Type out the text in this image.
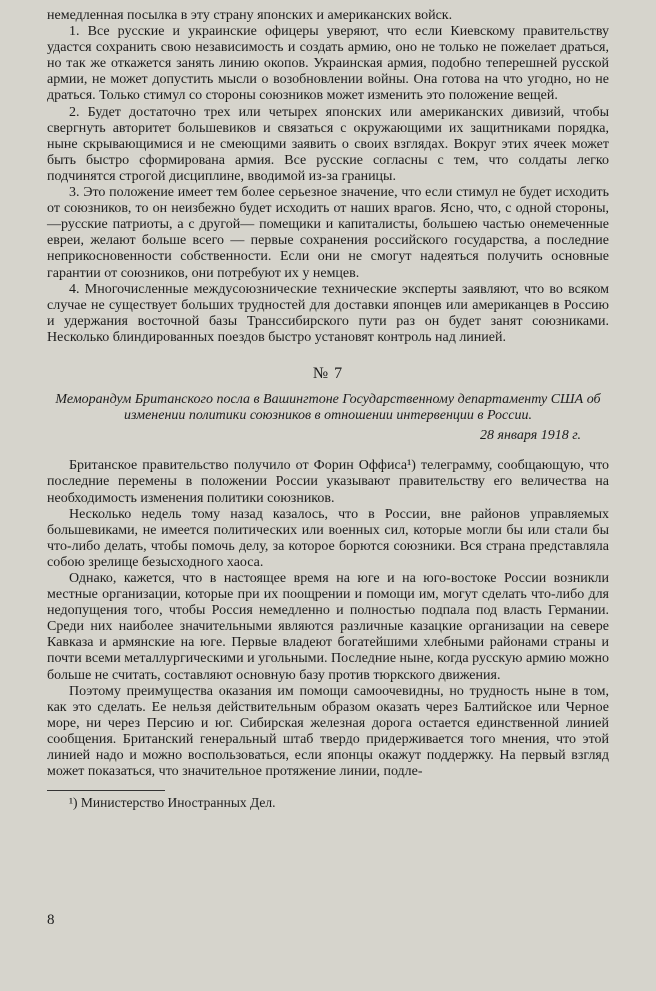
немедленная посылка в эту страну японских и американских войск.

1. Все русские и украинские офицеры уверяют, что если Киевскому правительству удастся сохранить свою независимость и создать армию, оно не только не пожелает драться, но так же откажется занять линию окопов. Украинская армия, подобно теперешней русской армии, не может допустить мысли о возобновлении войны. Она готова на что угодно, но не драться. Только стимул со стороны союзников может изменить это положение вещей.

2. Будет достаточно трех или четырех японских или американских дивизий, чтобы свергнуть авторитет большевиков и связаться с окружающими их защитниками порядка, ныне скрывающимися и не смеющими заявить о своих взглядах. Вокруг этих ячеек может быть быстро сформирована армия. Все русские согласны с тем, что солдаты легко подчинятся строгой дисциплине, вводимой из-за границы.

3. Это положение имеет тем более серьезное значение, что если стимул не будет исходить от союзников, то он неизбежно будет исходить от наших врагов. Ясно, что, с одной стороны,—русские патриоты, а с другой— помещики и капиталисты, большею частью онемеченные евреи, желают больше всего — первые сохранения российского государства, а последние неприкосновенности собственности. Если они не смогут надеяться получить основные гарантии от союзников, они потребуют их у немцев.

4. Многочисленные междусоюзнические технические эксперты заявляют, что во всяком случае не существует больших трудностей для доставки японцев или американцев в Россию и удержания восточной базы Транссибирского пути раз он будет занят союзниками. Несколько блиндированных поездов быстро установят контроль над линией.

№ 7

Меморандум Британского посла в Вашингтоне Государственному департаменту США об изменении политики союзников в отношении интервенции в России.

28 января 1918 г.

Британское правительство получило от Форин Оффиса¹) телеграмму, сообщающую, что последние перемены в положении России указывают правительству его величества на необходимость изменения политики союзников.

Несколько недель тому назад казалось, что в России, вне районов управляемых большевиками, не имеется политических или военных сил, которые могли бы или стали бы что-либо делать, чтобы помочь делу, за которое борются союзники. Вся страна представляла собою зрелище безысходного хаоса.

Однако, кажется, что в настоящее время на юге и на юго-востоке России возникли местные организации, которые при их поощрении и помощи им, могут сделать что-либо для недопущения того, чтобы Россия немедленно и полностью подпала под власть Германии. Среди них наиболее значительными являются различные казацкие организации на севере Кавказа и армянские на юге. Первые владеют богатейшими хлебными районами страны и почти всеми металлургическими и угольными. Последние ныне, когда русскую армию можно больше не считать, составляют основную базу против тюркского движения.

Поэтому преимущества оказания им помощи самоочевидны, но трудность ныне в том, как это сделать. Ее нельзя действительным образом оказать через Балтийское или Черное море, ни через Персию и юг. Сибирская железная дорога остается единственной линией сообщения. Британский генеральный штаб твердо придерживается того мнения, что этой линией надо и можно воспользоваться, если японцы окажут поддержку. На первый взгляд может показаться, что значительное протяжение линии, подле-

¹) Министерство Иностранных Дел.
8
